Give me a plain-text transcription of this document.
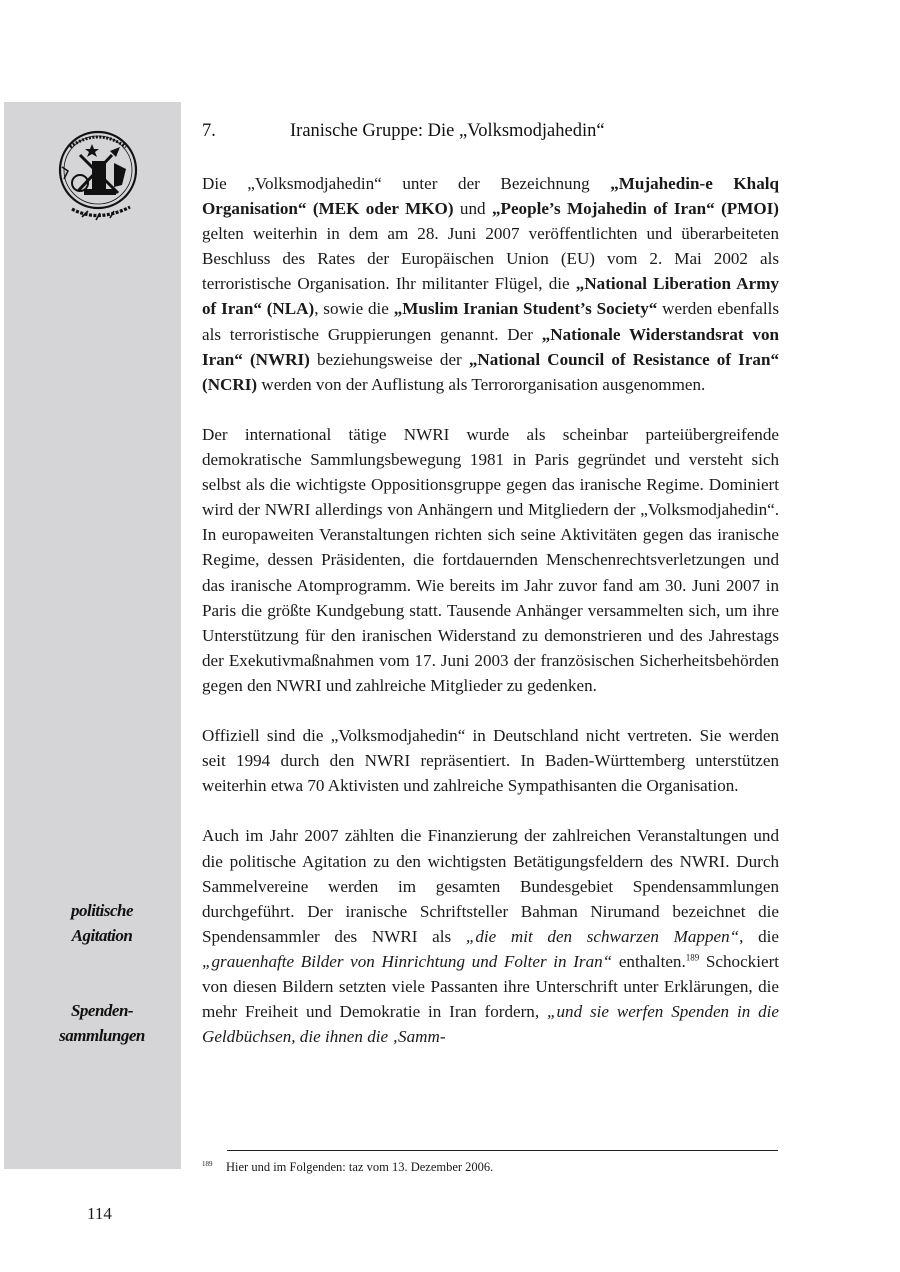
politische
Agitation
Spenden-
sammlungen
7.	Iranische Gruppe: Die „Volksmodjahedin“

Die „Volksmodjahedin“ unter der Bezeichnung „Mujahedin-e Khalq Organisation“ (MEK oder MKO) und „People’s Mojahedin of Iran“ (PMOI) gelten weiterhin in dem am 28. Juni 2007 veröffentlichten und überarbeiteten Beschluss des Rates der Europäischen Union (EU) vom 2. Mai 2002 als terroristische Organisation. Ihr militanter Flügel, die „National Liberation Army of Iran“ (NLA), sowie die „Muslim Iranian Student’s Society“ werden ebenfalls als terroristische Gruppierungen genannt. Der „Nationale Widerstandsrat von Iran“ (NWRI) beziehungsweise der „National Council of Resistance of Iran“ (NCRI) werden von der Auflistung als Terrororganisation ausgenommen.

Der international tätige NWRI wurde als scheinbar parteiübergreifende demokratische Sammlungsbewegung 1981 in Paris gegründet und versteht sich selbst als die wichtigste Oppositionsgruppe gegen das iranische Regime. Dominiert wird der NWRI allerdings von Anhängern und Mitgliedern der „Volksmodjahedin“. In europaweiten Veranstaltungen richten sich seine Aktivitäten gegen das iranische Regime, dessen Präsidenten, die fortdauernden Menschenrechtsverletzungen und das iranische Atomprogramm. Wie bereits im Jahr zuvor fand am 30. Juni 2007 in Paris die größte Kundgebung statt. Tausende Anhänger versammelten sich, um ihre Unterstützung für den iranischen Widerstand zu demonstrieren und des Jahrestags der Exekutivmaßnahmen vom 17. Juni 2003 der französischen Sicherheitsbehörden gegen den NWRI und zahlreiche Mitglieder zu gedenken.

Offiziell sind die „Volksmodjahedin“ in Deutschland nicht vertreten. Sie werden seit 1994 durch den NWRI repräsentiert. In Baden-Württemberg unterstützen weiterhin etwa 70 Aktivisten und zahlreiche Sympathisanten die Organisation.

Auch im Jahr 2007 zählten die Finanzierung der zahlreichen Veranstaltungen und die politische Agitation zu den wichtigsten Betätigungsfeldern des NWRI. Durch Sammelvereine werden im gesamten Bundesgebiet Spendensammlungen durchgeführt. Der iranische Schriftsteller Bahman Nirumand bezeichnet die Spendensammler des NWRI als „die mit den schwarzen Mappen“, die „grauenhafte Bilder von Hinrichtung und Folter in Iran“ enthalten.$^{189}$ Schockiert von diesen Bildern setzten viele Passanten ihre Unterschrift unter Erklärungen, die mehr Freiheit und Demokratie in Iran fordern, „und sie werfen Spenden in die Geldbüchsen, die ihnen die ‚Samm-

189 Hier und im Folgenden: taz vom 13. Dezember 2006.
114
